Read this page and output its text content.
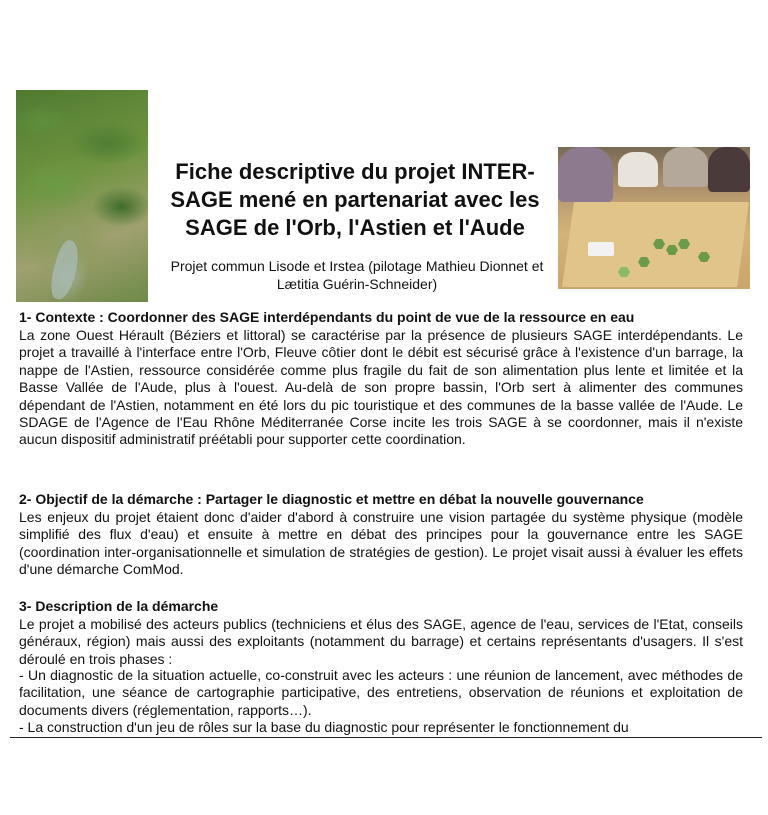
Fiche descriptive du projet INTER-SAGE mené en partenariat avec les SAGE de l'Orb, l'Astien et l'Aude

Projet commun Lisode et Irstea (pilotage Mathieu Dionnet et Lætitia Guérin-Schneider)

1- Contexte : Coordonner des SAGE interdépendants du point de vue de la ressource en eau

La zone Ouest Hérault (Béziers et littoral) se caractérise par la présence de plusieurs SAGE interdépendants. Le projet a travaillé à l'interface entre l'Orb, Fleuve côtier dont le débit est sécurisé grâce à l'existence d'un barrage, la nappe de l'Astien, ressource considérée comme plus fragile du fait de son alimentation plus lente et limitée et la Basse Vallée de l'Aude, plus à l'ouest. Au-delà de son propre bassin, l'Orb sert à alimenter des communes dépendant de l'Astien, notamment en été lors du pic touristique et des communes de la basse vallée de l'Aude. Le SDAGE de l'Agence de l'Eau Rhône Méditerranée Corse incite les trois SAGE à se coordonner, mais il n'existe aucun dispositif administratif préétabli pour supporter cette coordination.

2- Objectif de la démarche : Partager le diagnostic et mettre en débat la nouvelle gouvernance

Les enjeux du projet étaient donc d'aider d'abord à construire une vision partagée du système physique (modèle simplifié des flux d'eau) et ensuite à mettre en débat des principes pour la gouvernance entre les SAGE (coordination inter-organisationnelle et simulation de stratégies de gestion). Le projet visait aussi à évaluer les effets d'une démarche ComMod.

3- Description de la démarche

Le projet a mobilisé des acteurs publics (techniciens et élus des SAGE, agence de l'eau, services de l'Etat, conseils généraux, région) mais aussi des exploitants (notamment du barrage) et certains représentants d'usagers. Il s'est déroulé en trois phases :

- Un diagnostic de la situation actuelle, co-construit avec les acteurs : une réunion de lancement, avec méthodes de facilitation, une séance de cartographie participative, des entretiens, observation de réunions et exploitation de documents divers (réglementation, rapports…).

- La construction d'un jeu de rôles sur la base du diagnostic pour représenter le fonctionnement du
